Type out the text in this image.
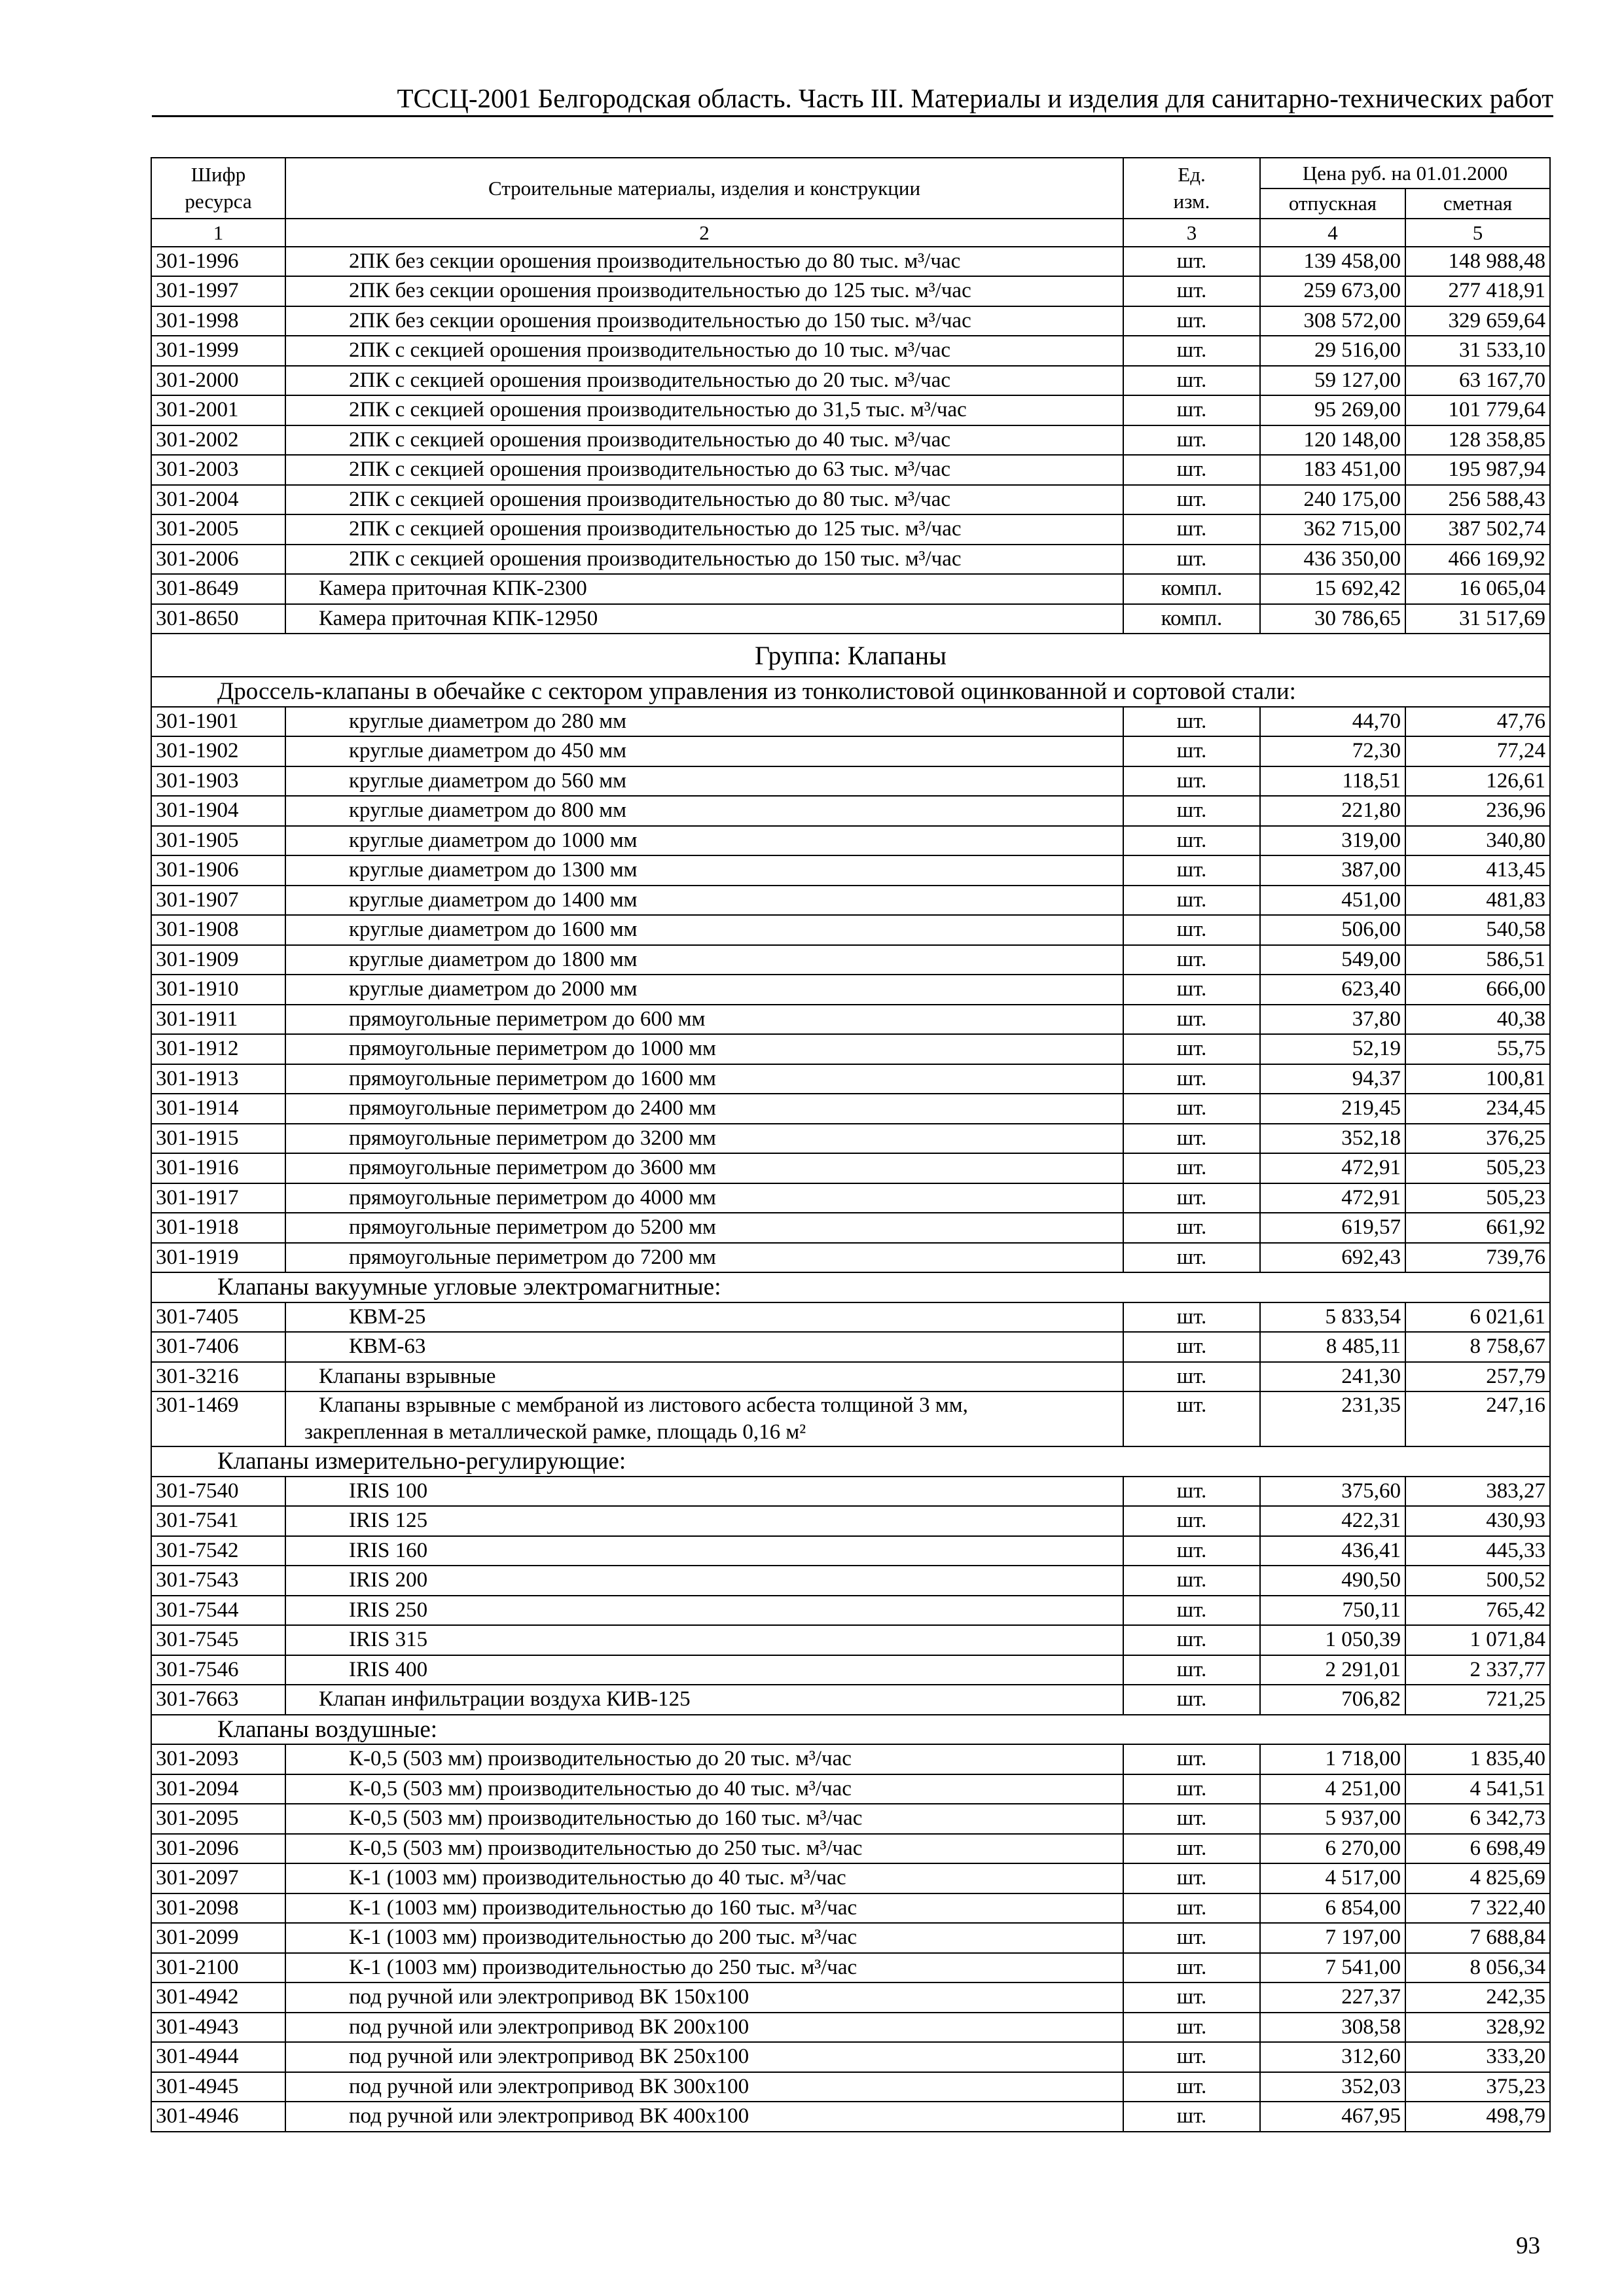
ТССЦ-2001 Белгородская область. Часть III. Материалы и изделия для санитарно-технических работ
Шифр ресурса	Строительные материалы, изделия и конструкции	Ед. изм.	Цена руб. на 01.01.2000	
			отпускная	сметная
1	2	3	4	5
301-1996	2ПК без секции орошения производительностью до 80 тыс. м³/час	шт.	139 458,00	148 988,48
301-1997	2ПК без секции орошения производительностью до 125 тыс. м³/час	шт.	259 673,00	277 418,91
301-1998	2ПК без секции орошения производительностью до 150 тыс. м³/час	шт.	308 572,00	329 659,64
301-1999	2ПК с секцией орошения производительностью до 10 тыс. м³/час	шт.	29 516,00	31 533,10
301-2000	2ПК с секцией орошения производительностью до 20 тыс. м³/час	шт.	59 127,00	63 167,70
301-2001	2ПК с секцией орошения производительностью до 31,5 тыс. м³/час	шт.	95 269,00	101 779,64
301-2002	2ПК с секцией орошения производительностью до 40 тыс. м³/час	шт.	120 148,00	128 358,85
301-2003	2ПК с секцией орошения производительностью до 63 тыс. м³/час	шт.	183 451,00	195 987,94
301-2004	2ПК с секцией орошения производительностью до 80 тыс. м³/час	шт.	240 175,00	256 588,43
301-2005	2ПК с секцией орошения производительностью до 125 тыс. м³/час	шт.	362 715,00	387 502,74
301-2006	2ПК с секцией орошения производительностью до 150 тыс. м³/час	шт.	436 350,00	466 169,92
301-8649	Камера приточная КПК-2300	компл.	15 692,42	16 065,04
301-8650	Камера приточная КПК-12950	компл.	30 786,65	31 517,69
Группа: Клапаны				
Дроссель-клапаны в обечайке с сектором управления из тонколистовой оцинкованной и сортовой стали:				
301-1901	круглые диаметром до 280 мм	шт.	44,70	47,76
301-1902	круглые диаметром до 450 мм	шт.	72,30	77,24
301-1903	круглые диаметром до 560 мм	шт.	118,51	126,61
301-1904	круглые диаметром до 800 мм	шт.	221,80	236,96
301-1905	круглые диаметром до 1000 мм	шт.	319,00	340,80
301-1906	круглые диаметром до 1300 мм	шт.	387,00	413,45
301-1907	круглые диаметром до 1400 мм	шт.	451,00	481,83
301-1908	круглые диаметром до 1600 мм	шт.	506,00	540,58
301-1909	круглые диаметром до 1800 мм	шт.	549,00	586,51
301-1910	круглые диаметром до 2000 мм	шт.	623,40	666,00
301-1911	прямоугольные периметром до 600 мм	шт.	37,80	40,38
301-1912	прямоугольные периметром до 1000 мм	шт.	52,19	55,75
301-1913	прямоугольные периметром до 1600 мм	шт.	94,37	100,81
301-1914	прямоугольные периметром до 2400 мм	шт.	219,45	234,45
301-1915	прямоугольные периметром до 3200 мм	шт.	352,18	376,25
301-1916	прямоугольные периметром до 3600 мм	шт.	472,91	505,23
301-1917	прямоугольные периметром до 4000 мм	шт.	472,91	505,23
301-1918	прямоугольные периметром до 5200 мм	шт.	619,57	661,92
301-1919	прямоугольные периметром до 7200 мм	шт.	692,43	739,76
Клапаны вакуумные угловые электромагнитные:				
301-7405	КВМ-25	шт.	5 833,54	6 021,61
301-7406	КВМ-63	шт.	8 485,11	8 758,67
301-3216	Клапаны взрывные	шт.	241,30	257,79
301-1469	Клапаны взрывные с мембраной из листового асбеста толщиной 3 мм,
закрепленная в металлической рамке, площадь 0,16 м²	шт.	231,35	247,16
Клапаны измерительно-регулирующие:				
301-7540	IRIS 100	шт.	375,60	383,27
301-7541	IRIS 125	шт.	422,31	430,93
301-7542	IRIS 160	шт.	436,41	445,33
301-7543	IRIS 200	шт.	490,50	500,52
301-7544	IRIS 250	шт.	750,11	765,42
301-7545	IRIS 315	шт.	1 050,39	1 071,84
301-7546	IRIS 400	шт.	2 291,01	2 337,77
301-7663	Клапан инфильтрации воздуха КИВ-125	шт.	706,82	721,25
Клапаны воздушные:				
301-2093	К-0,5 (503 мм) производительностью до 20 тыс. м³/час	шт.	1 718,00	1 835,40
301-2094	К-0,5 (503 мм) производительностью до 40 тыс. м³/час	шт.	4 251,00	4 541,51
301-2095	К-0,5 (503 мм) производительностью до 160 тыс. м³/час	шт.	5 937,00	6 342,73
301-2096	К-0,5 (503 мм) производительностью до 250 тыс. м³/час	шт.	6 270,00	6 698,49
301-2097	К-1 (1003 мм) производительностью до 40 тыс. м³/час	шт.	4 517,00	4 825,69
301-2098	К-1 (1003 мм) производительностью до 160 тыс. м³/час	шт.	6 854,00	7 322,40
301-2099	К-1 (1003 мм) производительностью до 200 тыс. м³/час	шт.	7 197,00	7 688,84
301-2100	К-1 (1003 мм) производительностью до 250 тыс. м³/час	шт.	7 541,00	8 056,34
301-4942	под ручной или электропривод ВК 150х100	шт.	227,37	242,35
301-4943	под ручной или электропривод ВК 200х100	шт.	308,58	328,92
301-4944	под ручной или электропривод ВК 250х100	шт.	312,60	333,20
301-4945	под ручной или электропривод ВК 300х100	шт.	352,03	375,23
301-4946	под ручной или электропривод ВК 400х100	шт.	467,95	498,79
93
